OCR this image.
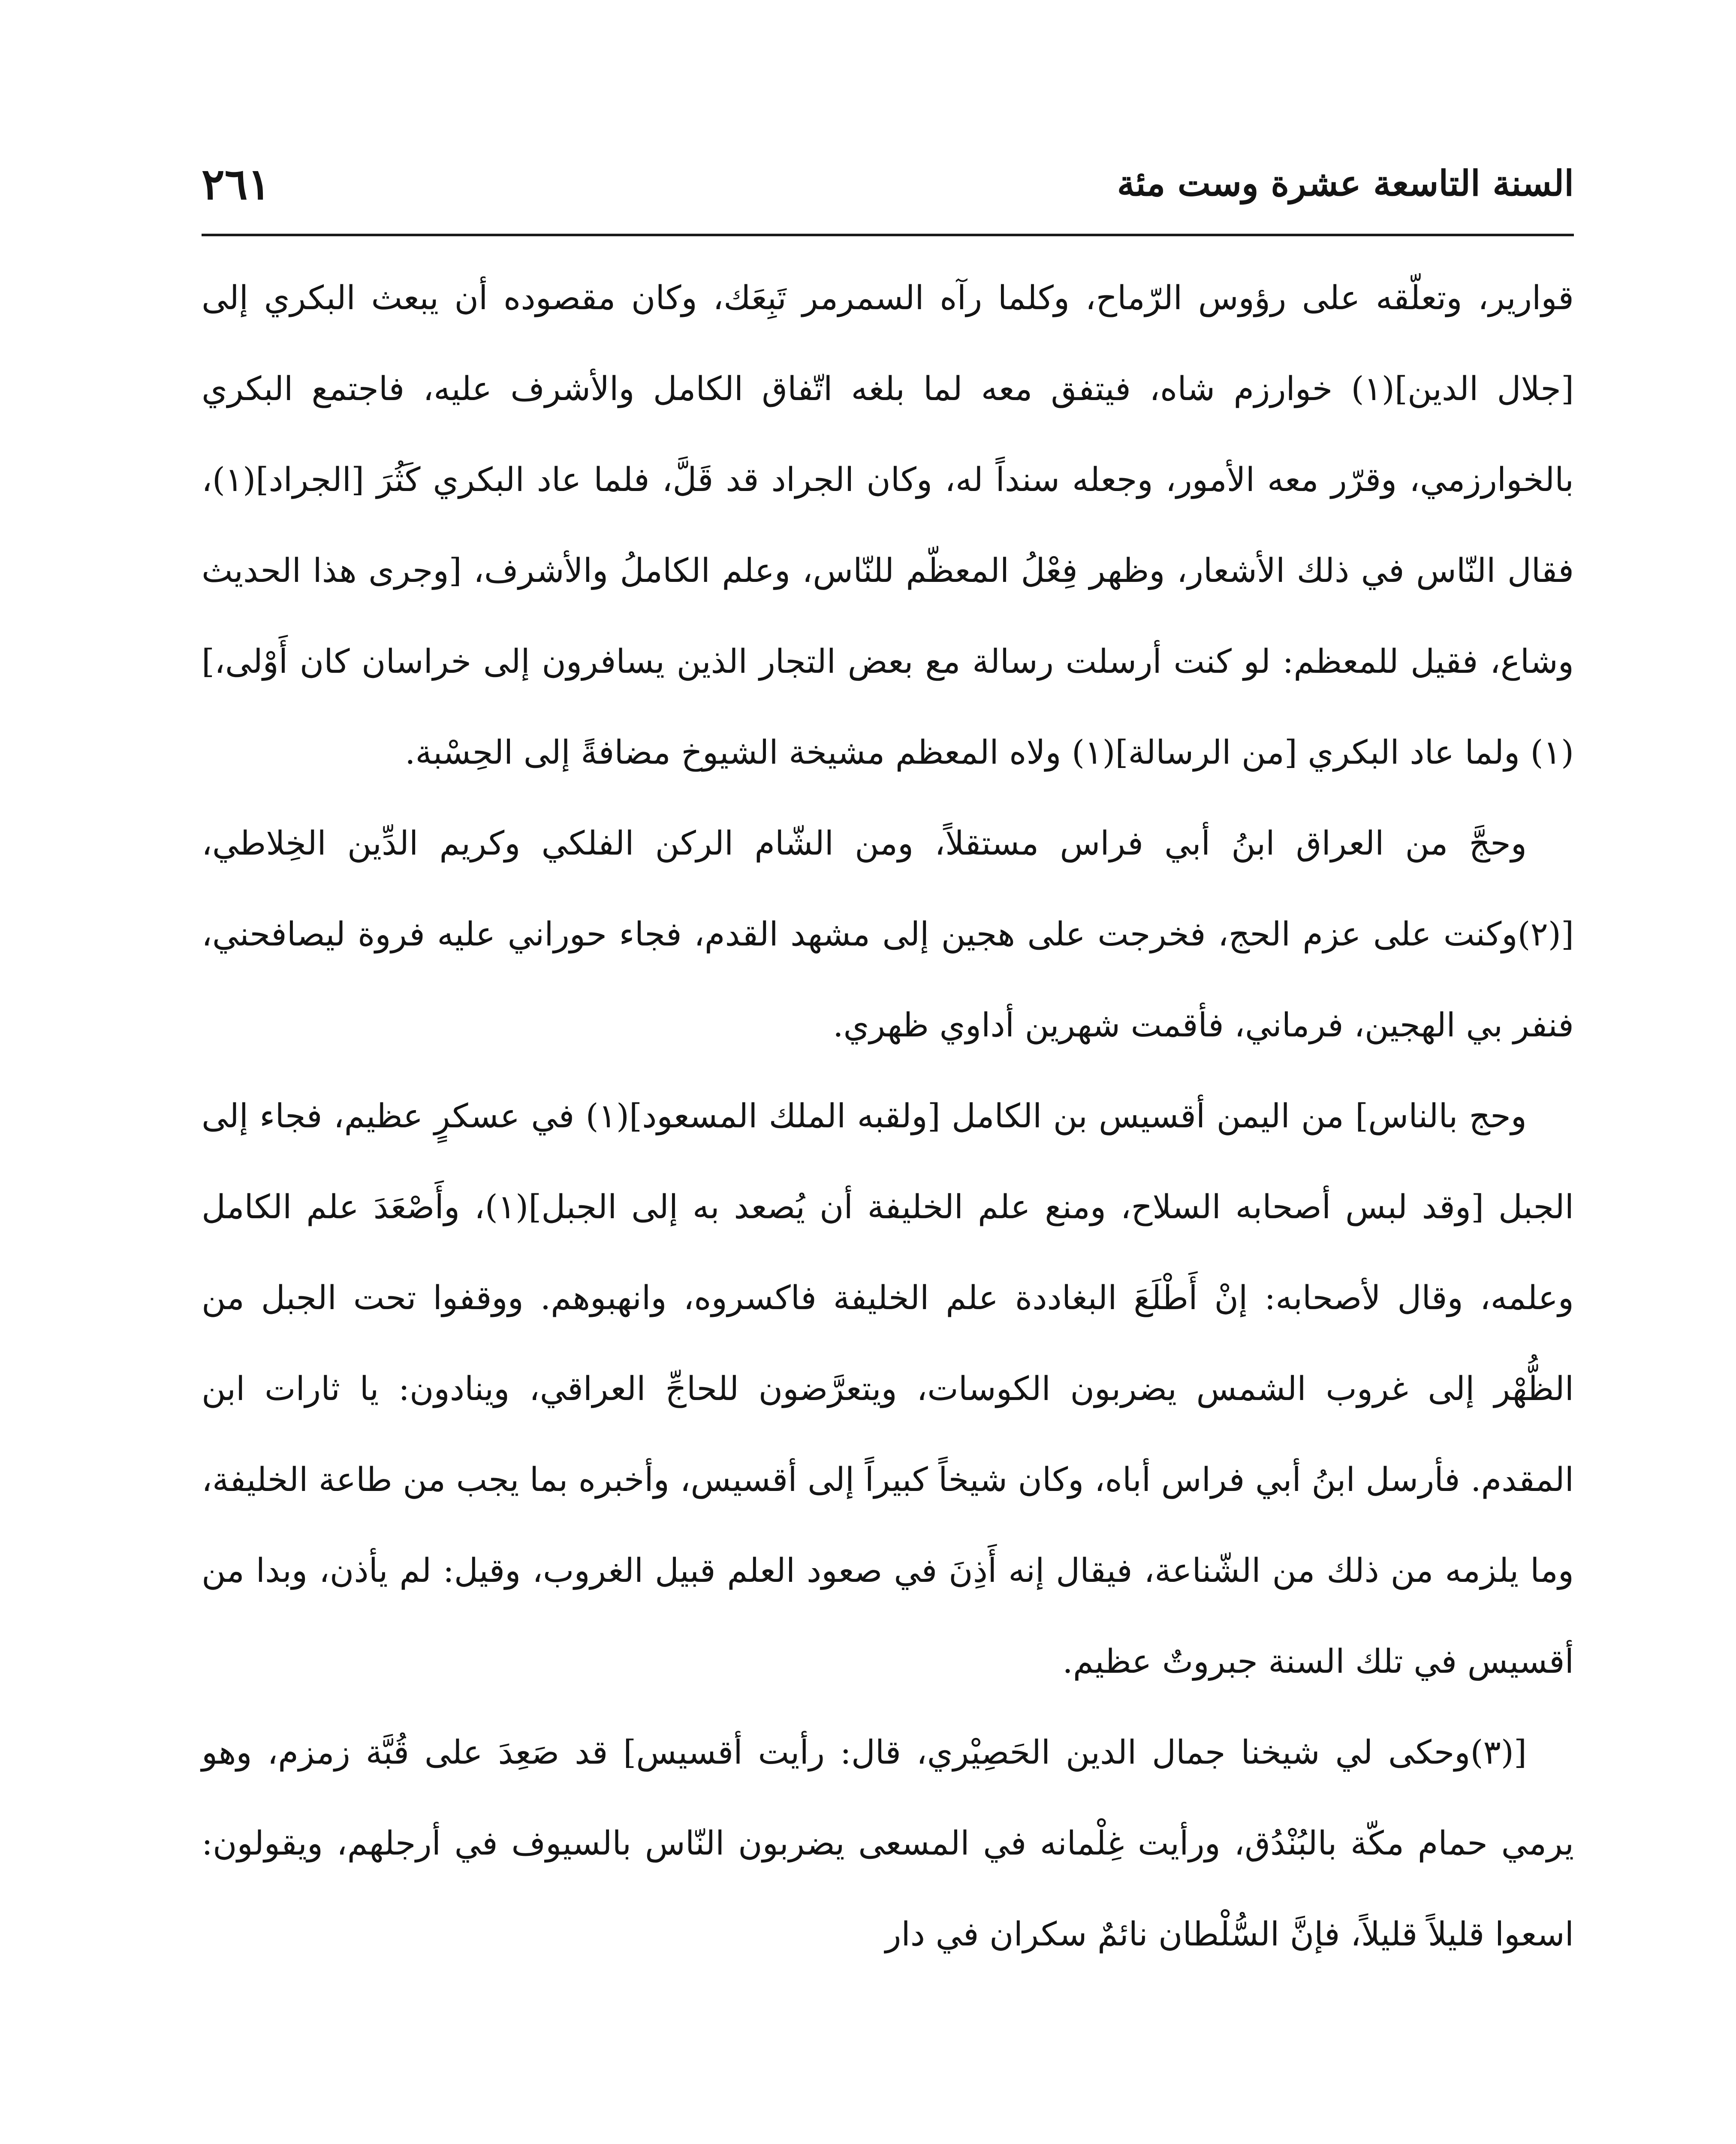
السنة التاسعة عشرة وست مئة
٢٦١

قوارير، وتعلّقه على رؤوس الرّماح، وكلما رآه السمرمر تَبِعَك، وكان مقصوده أن يبعث البكري إلى [جلال الدين](١) خوارزم شاه، فيتفق معه لما بلغه اتّفاق الكامل والأشرف عليه، فاجتمع البكري بالخوارزمي، وقرّر معه الأمور، وجعله سنداً له، وكان الجراد قد قَلَّ، فلما عاد البكري كَثُرَ [الجراد](١)، فقال النّاس في ذلك الأشعار، وظهر فِعْلُ المعظّم للنّاس، وعلم الكاملُ والأشرف، [وجرى هذا الحديث وشاع، فقيل للمعظم: لو كنت أرسلت رسالة مع بعض التجار الذين يسافرون إلى خراسان كان أَوْلى،](١) ولما عاد البكري [من الرسالة](١) ولاه المعظم مشيخة الشيوخ مضافةً إلى الحِسْبة.

وحجَّ من العراق ابنُ أبي فراس مستقلاً، ومن الشّام الركن الفلكي وكريم الدِّين الخِلاطي، [(٢)وكنت على عزم الحج، فخرجت على هجين إلى مشهد القدم، فجاء حوراني عليه فروة ليصافحني، فنفر بي الهجين، فرماني، فأقمت شهرين أداوي ظهري.

وحج بالناس] من اليمن أقسيس بن الكامل [ولقبه الملك المسعود](١) في عسكرٍ عظيم، فجاء إلى الجبل [وقد لبس أصحابه السلاح، ومنع علم الخليفة أن يُصعد به إلى الجبل](١)، وأَصْعَدَ علم الكامل وعلمه، وقال لأصحابه: إنْ أَطْلَعَ البغاددة علم الخليفة فاكسروه، وانهبوهم. ووقفوا تحت الجبل من الظُّهْر إلى غروب الشمس يضربون الكوسات، ويتعرَّضون للحاجِّ العراقي، وينادون: يا ثارات ابن المقدم. فأرسل ابنُ أبي فراس أباه، وكان شيخاً كبيراً إلى أقسيس، وأخبره بما يجب من طاعة الخليفة، وما يلزمه من ذلك من الشّناعة، فيقال إنه أَذِنَ في صعود العلم قبيل الغروب، وقيل: لم يأذن، وبدا من أقسيس في تلك السنة جبروتٌ عظيم.

[(٣)وحكى لي شيخنا جمال الدين الحَصِيْري، قال: رأيت أقسيس] قد صَعِدَ على قُبَّة زمزم، وهو يرمي حمام مكّة بالبُنْدُق، ورأيت غِلْمانه في المسعى يضربون النّاس بالسيوف في أرجلهم، ويقولون: اسعوا قليلاً قليلاً، فإنَّ السُّلْطان نائمٌ سكران في دار
